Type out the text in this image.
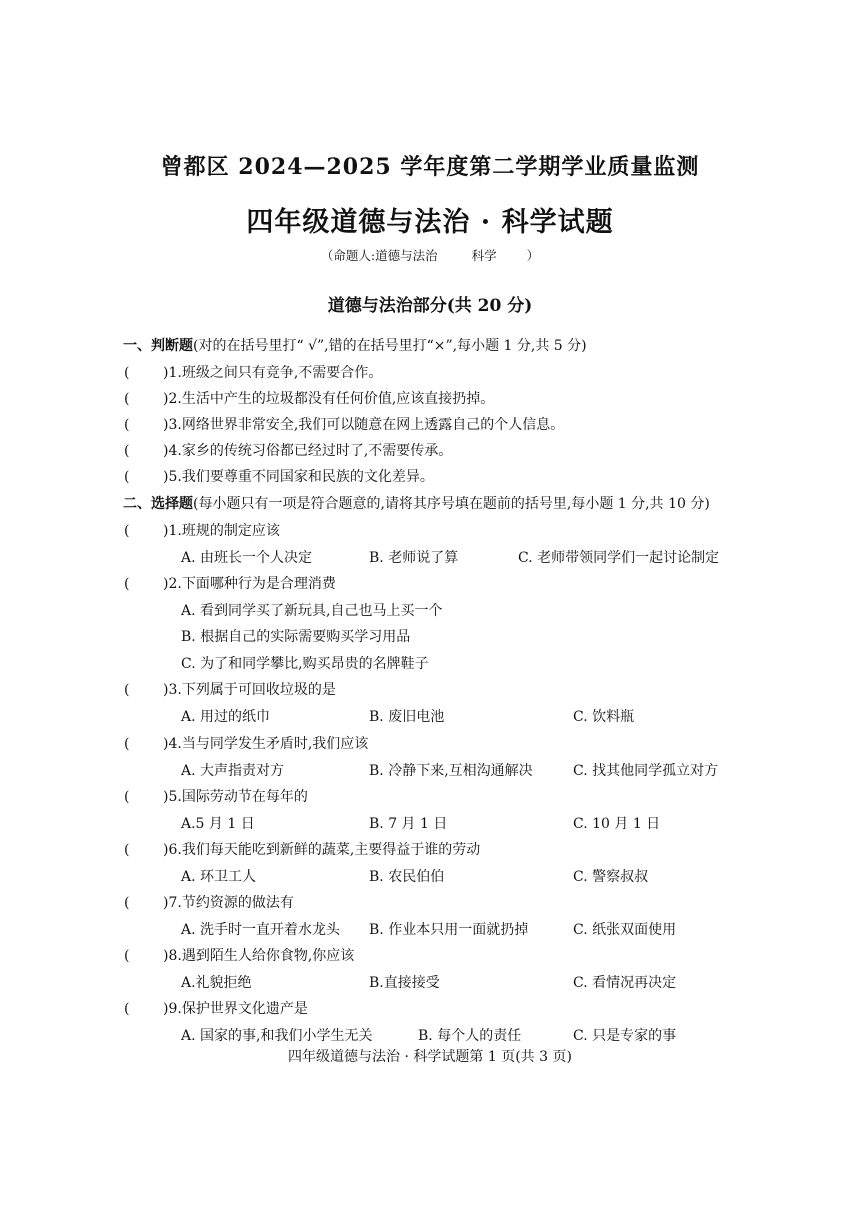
曾都区 2024—2025 学年度第二学期学业质量监测
四年级道德与法治 · 科学试题
（命题人:道德与法治	科学 ）
道德与法治部分(共 20 分)
一、判断题(对的在括号里打“ √”,错的在括号里打“×”,每小题 1 分,共 5 分)
( )1.班级之间只有竞争,不需要合作。
( )2.生活中产生的垃圾都没有任何价值,应该直接扔掉。
( )3.网络世界非常安全,我们可以随意在网上透露自己的个人信息。
( )4.家乡的传统习俗都已经过时了,不需要传承。
( )5.我们要尊重不同国家和民族的文化差异。
二、选择题(每小题只有一项是符合题意的,请将其序号填在题前的括号里,每小题 1 分,共 10 分)
( )1.班规的制定应该
A. 由班长一个人决定	B. 老师说了算	C. 老师带领同学们一起讨论制定
( )2.下面哪种行为是合理消费
A. 看到同学买了新玩具,自己也马上买一个
B. 根据自己的实际需要购买学习用品
C. 为了和同学攀比,购买昂贵的名牌鞋子
( )3.下列属于可回收垃圾的是
A. 用过的纸巾	B. 废旧电池	C. 饮料瓶
( )4.当与同学发生矛盾时,我们应该
A. 大声指责对方	B. 冷静下来,互相沟通解决	C. 找其他同学孤立对方
( )5.国际劳动节在每年的
A.5 月 1 日	B. 7 月 1 日	C. 10 月 1 日
( )6.我们每天能吃到新鲜的蔬菜,主要得益于谁的劳动
A. 环卫工人	B. 农民伯伯	C. 警察叔叔
( )7.节约资源的做法有
A. 洗手时一直开着水龙头 B. 作业本只用一面就扔掉	C. 纸张双面使用
( )8.遇到陌生人给你食物,你应该
A.礼貌拒绝	B.直接接受	C. 看情况再决定
( )9.保护世界文化遗产是
A. 国家的事,和我们小学生无关	B. 每个人的责任	C. 只是专家的事
四年级道德与法治 · 科学试题第 1 页(共 3 页)
